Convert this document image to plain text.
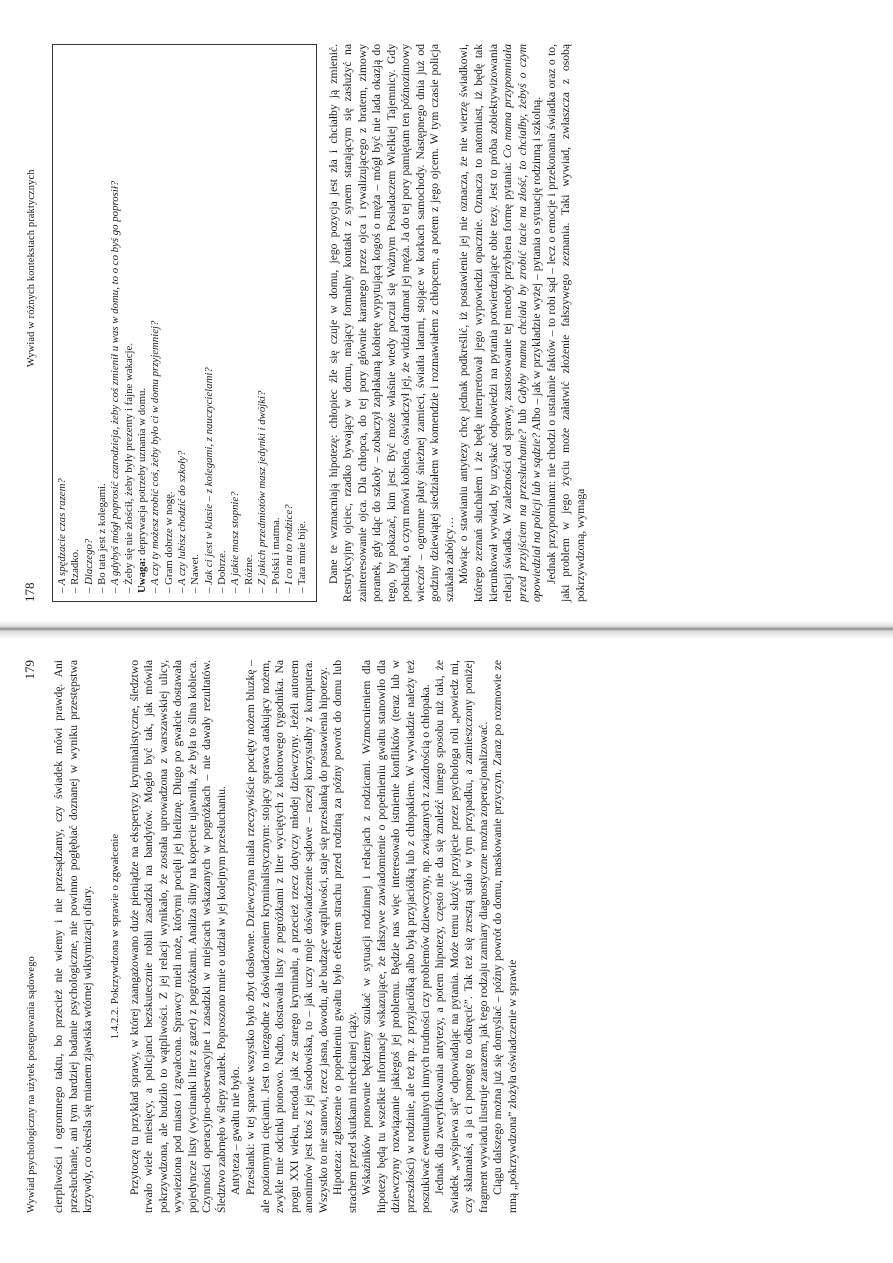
Wywiad psychologiczny na użytek postępowania sądowego
179 cierpliwości i ogromnego taktu, bo przecież nie wiemy i nie przesądzamy, czy świadek mówi prawdę. Ani przesłuchanie, ani tym bardziej badanie psychologiczne, nie powinno pogłębiać doznanej w wyniku przestępstwa krzywdy, co określa się mianem zjawiska wtórnej wiktymizacji ofiary. 1.4.2.2. Pokrzywdzona w sprawie o zgwałcenie Przytoczę tu przykład sprawy, w której zaangażowano duże pieniądze na ekspertyzy kryminalistyczne, śledztwo trwało wiele miesięcy, a policjanci bezskutecznie robili zasadzki na bandytów. Mogło być tak, jak mówiła pokrzywdzona, ale budziło to wątpliwości. Z jej relacji wynikało, że została uprowadzona z warszawskiej ulicy, wywieziona pod miasto i zgwałcona. Sprawcy mieli noże, którymi pocięli jej bieliznę. Długo po gwałcie dostawała pojedyncze listy (wycinanki liter z gazet) z pogróżkami. Analiza śliny na kopercie ujawniła, że była to ślina kobieca. Czynności operacyjno-obserwacyjne i zasadzki w miejscach wskazanych w pogróżkach – nie dawały rezultatów. Śledztwo zabrnęło w ślepy zaułek. Poproszono mnie o udział w jej kolejnym przesłuchaniu. Antyteza – gwałtu nie było. Przesłanki: w tej sprawie wszystko było zbyt dosłowne. Dziewczyna miała rzeczywiście pocięty nożem bluzkę – ale poziomymi cięciami. Jest to niezgodne z doświadczeniem kryminalistycznym: stojący sprawca atakujący nożem, zwykle tnie odcinki pionowo. Nadto, dostawała listy z pogróżkami z liter wyciętych z kolorowego tygodnika. Na progu XXI wieku, metoda jak ze starego kryminału, a przecież rzecz dotyczy młodej dziewczyny. Jeżeli autorem anonimów jest ktoś z jej środowiska, to – jak uczy moje doświadczenie sądowe – raczej korzystałby z komputera. Wszystko to nie stanowi, rzecz jasna, dowodu, ale budzące wątpliwości, staje się przesłanką do postawienia hipotezy. Hipoteza: zgłoszenie o popełnieniu gwałtu było efektem strachu przed rodziną za późny powrót do domu lub strachem przed skutkami niechcianej ciąży. Wskaźników ponownie będziemy szukać w sytuacji rodzinnej i relacjach z rodzicami. Wzmocnieniem dla hipotezy będą tu wszelkie informacje wskazujące, że fałszywe zawiadomienie o popełnieniu gwałtu stanowiło dla dziewczyny rozwiązanie jakiegoś jej problemu. Będzie nas więc interesowało istnienie konfliktów (teraz lub w przeszłości) w rodzinie, ale też np. z przyjaciółką albo byłą przyjaciółką lub z chłopakiem. W wywiadzie należy też poszukiwać ewentualnych innych trudności czy problemów dziewczyny, np. związanych z zazdrością o chłopaka. Jednak dla zweryfikowania antytezy, a potem hipotezy, często nie da się znaleźć innego sposobu niż taki, że świadek „wyśpiewa się” odpowiadając na pytania. Może temu służyć przyjęcie przez psychologa roli „powiedz mi, czy skłamałaś, a ja ci pomogę to odkręcić”. Tak też się zresztą stało w tym przypadku, a zamieszczony poniżej fragment wywiadu ilustruje zarazem, jak tego rodzaju zamiary diagnostyczne można zoperacjonalizować. Ciągu dalszego można już się domyślać – późny powrót do domu, maskowanie przyczyn. Zaraz po rozmowie ze mną „pokrzywdzona” złożyła oświadczenie w sprawie

178
Wywiad w różnych kontekstach praktycznych
– A spędzacie czas razem? – Rzadko. – Dlaczego? – Bo tata jest z kolegami. – A gdybyś mógł poprosić czarodzieja, żeby coś zmienił u was w domu, to o co byś go poprosił? – Żeby się nie złościł, żeby były prezenty i fajne wakacje. Uwaga: deprywacja potrzeby uznania w domu. – A czy ty możesz zrobić coś, żeby było ci w domu przyjemniej? – Gram dobrze w nogę. – A czy lubisz chodzić do szkoły? – Nawet. – Jak ci jest w klasie – z kolegami, z nauczycielami? – Dobrze. – A jakie masz stopnie? – Różne. – Z jakich przedmiotów masz jedynki i dwójki? – Polski i matma. – I co na to rodzice? – Tata mnie bije. Dane te wzmacniają hipotezę: chłopiec źle się czuje w domu, jego pozycja jest zła i chciałby ją zmienić. Restrykcyjny ojciec, rzadko bywający w domu, mający formalny kontakt z synem starającym się zasłużyć na zainteresowanie ojca. Dla chłopca, do tej pory głównie karanego przez ojca i rywalizującego z bratem, zimowy poranek, gdy idąc do szkoły – zobaczył zapłakaną kobietę wypytującą kogoś o męża – mógł być nie lada okazją do tego, by pokazać, kim jest. Być może właśnie wtedy poczuł się Ważnym Posiadaczem Wielkiej Tajemnicy. Gdy posłuchał, o czym mówi kobieta, oświadczył jej, że widział dramat jej męża. Ja do tej pory pamiętam ten późnozimowy wieczór – ogromne płaty śnieżnej zamieci, światła latarni, stojące w korkach samochody. Następnego dnia już od godziny dziewiątej siedziałem w komendzie i rozmawiałem z chłopcem, a potem z jego ojcem. W tym czasie policja szukała zabójcy… Mówiąc o stawianiu antytezy chcę jednak podkreślić, iż postawienie jej nie oznacza, że nie wierzę świadkowi, którego zeznań słuchałem i że będę interpretował jego wypowiedzi opacznie. Oznacza to natomiast, iż będę tak kierunkował wywiad, by uzyskać odpowiedzi na pytania potwierdzające obie tezy. Jest to próba zobiektywizowania relacji świadka. W zależności od sprawy, zastosowanie tej metody przybiera formę pytania: Co mama przypomniała przed przyjściem na przesłuchanie? lub Gdyby mama chciała by zrobić tacie na złość, to chciałby, żebyś o czym opowiedział na policji lub w sądzie? Albo – jak w przykładzie wyżej – pytania o sytuację rodzinną i szkolną. Jednak przypominam: nie chodzi o ustalanie faktów – to robi sąd – lecz o emocje i przekonania świadka oraz o to, jaki problem w jego życiu może załatwić złożenie fałszywego zeznania. Taki wywiad, zwłaszcza z osobą pokrzywdzoną, wymaga
